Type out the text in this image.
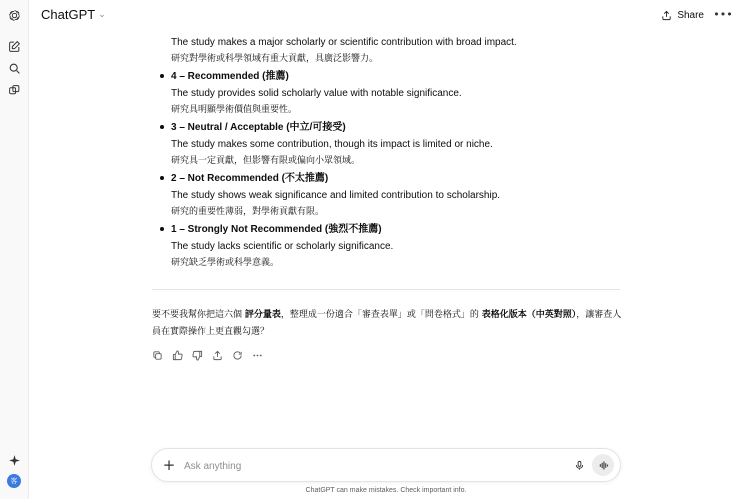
客
ChatGPT ⌄	Share •••
The study makes a major scholarly or scientific contribution with broad impact.
研究對學術或科學領域有重大貢獻，具廣泛影響力。
4 – Recommended (推薦)
The study provides solid scholarly value with notable significance.
研究具明顯學術價值與重要性。
3 – Neutral / Acceptable (中立/可接受)
The study makes some contribution, though its impact is limited or niche.
研究具一定貢獻，但影響有限或偏向小眾領域。
2 – Not Recommended (不太推薦)
The study shows weak significance and limited contribution to scholarship.
研究的重要性薄弱，對學術貢獻有限。
1 – Strongly Not Recommended (強烈不推薦)
The study lacks scientific or scholarly significance.
研究缺乏學術或科學意義。
要不要我幫你把這六個 評分量表，整理成一份適合「審查表單」或「問卷格式」的 表格化版本（中英對照），讓審查人員在實際操作上更直觀勾選？
+
Ask anything
ChatGPT can make mistakes. Check important info.
